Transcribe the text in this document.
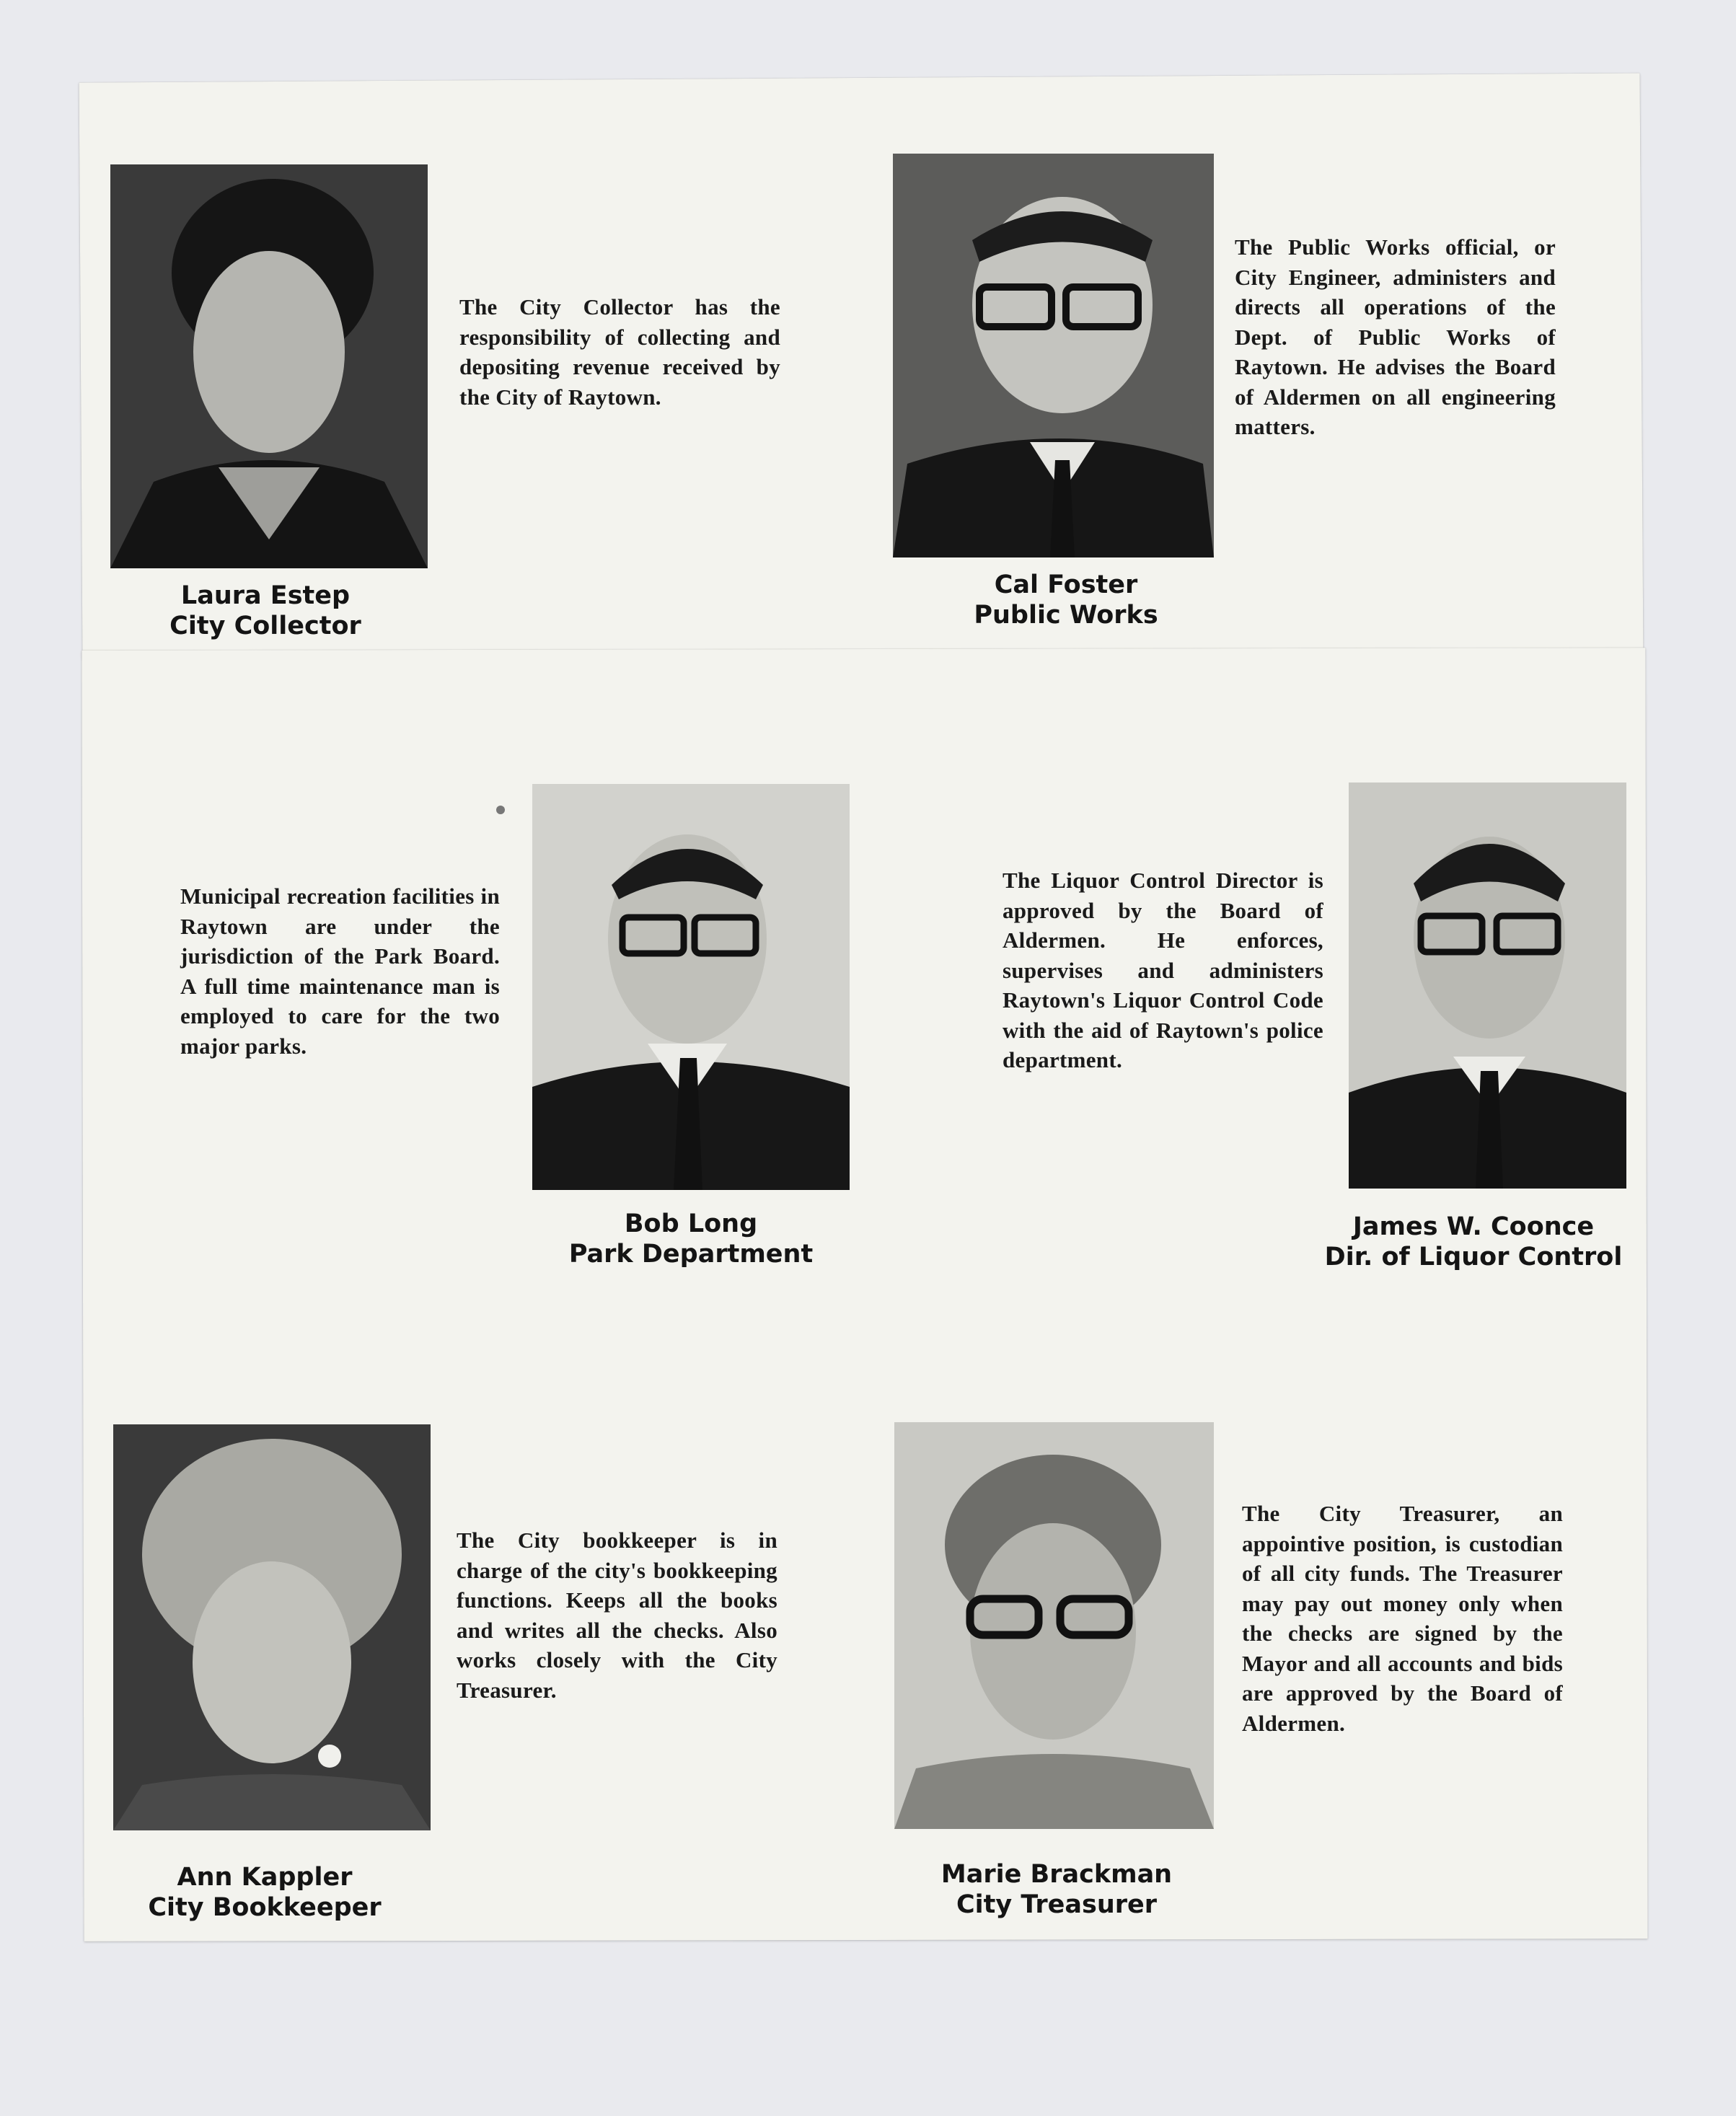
The City Collector has the responsibility of collecting and depositing revenue received by the City of Raytown.
Laura Estep
City Collector
The Public Works official, or City Engineer, administers and directs all operations of the Dept. of Public Works of Raytown. He advises the Board of Aldermen on all engineering matters.
Cal Foster
Public Works
Municipal recreation facilities in Raytown are under the jurisdiction of the Park Board. A full time maintenance man is employed to care for the two major parks.
Bob Long
Park Department
The Liquor Control Director is approved by the Board of Aldermen. He enforces, supervises and administers Raytown's Liquor Control Code with the aid of Raytown's police department.
James W. Coonce
Dir. of Liquor Control
The City bookkeeper is in charge of the city's bookkeeping functions. Keeps all the books and writes all the checks. Also works closely with the City Treasurer.
Ann Kappler
City Bookkeeper
The City Treasurer, an appointive position, is custodian of all city funds. The Treasurer may pay out money only when the checks are signed by the Mayor and all accounts and bids are approved by the Board of Aldermen.
Marie Brackman
City Treasurer
